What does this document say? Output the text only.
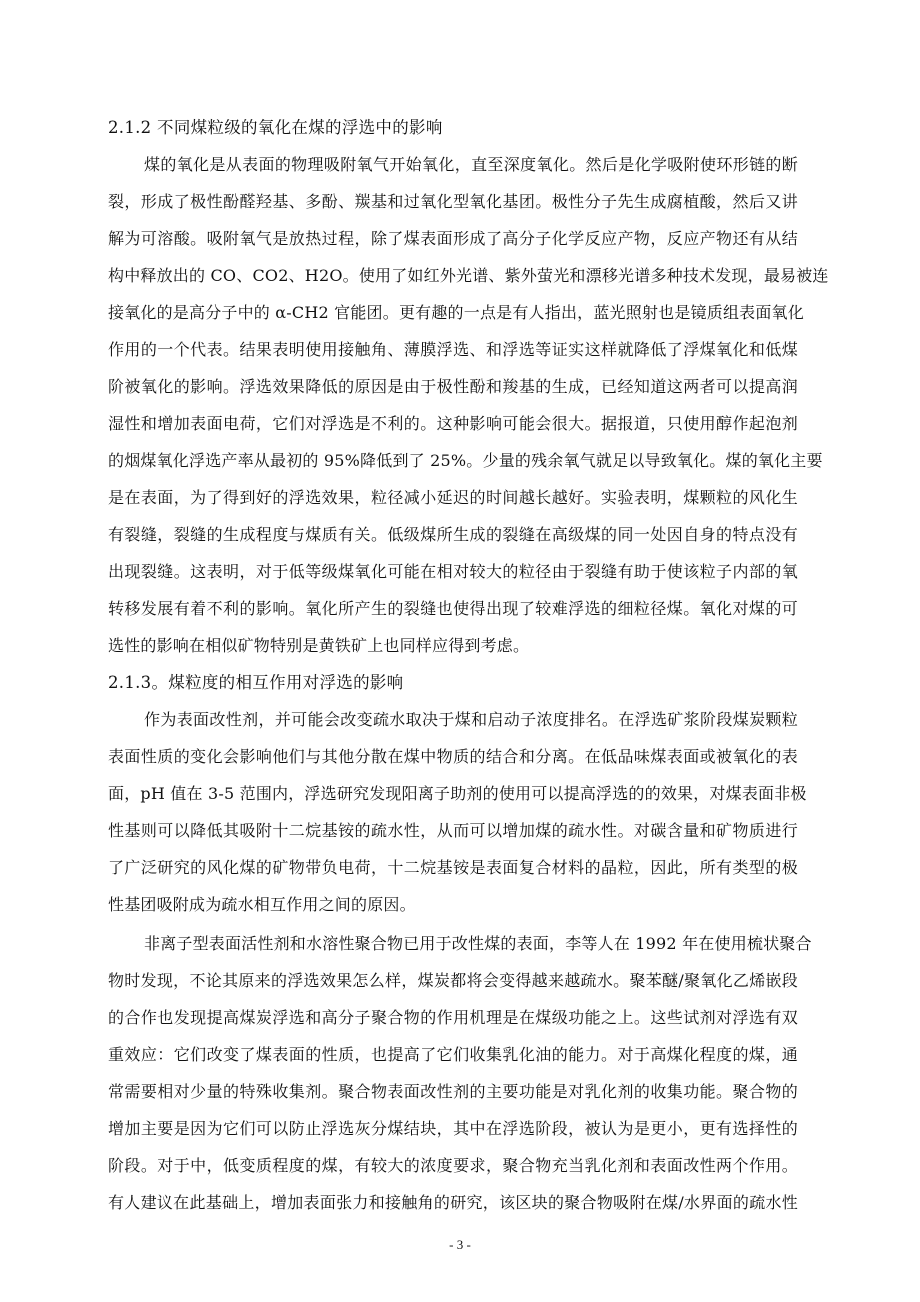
2.1.2 不同煤粒级的氧化在煤的浮选中的影响
煤的氧化是从表面的物理吸附氧气开始氧化，直至深度氧化。然后是化学吸附使环形链的断
裂，形成了极性酚醛羟基、多酚、羰基和过氧化型氧化基团。极性分子先生成腐植酸，然后又讲
解为可溶酸。吸附氧气是放热过程，除了煤表面形成了高分子化学反应产物，反应产物还有从结
构中释放出的 CO、CO2、H2O。使用了如红外光谱、紫外萤光和漂移光谱多种技术发现，最易被连
接氧化的是高分子中的 α-CH2 官能团。更有趣的一点是有人指出，蓝光照射也是镜质组表面氧化
作用的一个代表。结果表明使用接触角、薄膜浮选、和浮选等证实这样就降低了浮煤氧化和低煤
阶被氧化的影响。浮选效果降低的原因是由于极性酚和羧基的生成，已经知道这两者可以提高润
湿性和增加表面电荷，它们对浮选是不利的。这种影响可能会很大。据报道，只使用醇作起泡剂
的烟煤氧化浮选产率从最初的 95%降低到了 25%。少量的残余氧气就足以导致氧化。煤的氧化主要
是在表面，为了得到好的浮选效果，粒径减小延迟的时间越长越好。实验表明，煤颗粒的风化生
有裂缝，裂缝的生成程度与煤质有关。低级煤所生成的裂缝在高级煤的同一处因自身的特点没有
出现裂缝。这表明，对于低等级煤氧化可能在相对较大的粒径由于裂缝有助于使该粒子内部的氧
转移发展有着不利的影响。氧化所产生的裂缝也使得出现了较难浮选的细粒径煤。氧化对煤的可
选性的影响在相似矿物特别是黄铁矿上也同样应得到考虑。
2.1.3。煤粒度的相互作用对浮选的影响
作为表面改性剂，并可能会改变疏水取决于煤和启动子浓度排名。在浮选矿浆阶段煤炭颗粒
表面性质的变化会影响他们与其他分散在煤中物质的结合和分离。在低品味煤表面或被氧化的表
面，pH 值在 3-5 范围内，浮选研究发现阳离子助剂的使用可以提高浮选的的效果，对煤表面非极
性基则可以降低其吸附十二烷基铵的疏水性，从而可以增加煤的疏水性。对碳含量和矿物质进行
了广泛研究的风化煤的矿物带负电荷，十二烷基铵是表面复合材料的晶粒，因此，所有类型的极
性基团吸附成为疏水相互作用之间的原因。
非离子型表面活性剂和水溶性聚合物已用于改性煤的表面，李等人在 1992 年在使用梳状聚合
物时发现，不论其原来的浮选效果怎么样，煤炭都将会变得越来越疏水。聚苯醚/聚氧化乙烯嵌段
的合作也发现提高煤炭浮选和高分子聚合物的作用机理是在煤级功能之上。这些试剂对浮选有双
重效应：它们改变了煤表面的性质，也提高了它们收集乳化油的能力。对于高煤化程度的煤，通
常需要相对少量的特殊收集剂。聚合物表面改性剂的主要功能是对乳化剂的收集功能。聚合物的
增加主要是因为它们可以防止浮选灰分煤结块，其中在浮选阶段，被认为是更小，更有选择性的
阶段。对于中，低变质程度的煤，有较大的浓度要求，聚合物充当乳化剂和表面改性两个作用。
有人建议在此基础上，增加表面张力和接触角的研究，该区块的聚合物吸附在煤/水界面的疏水性
- 3 -
